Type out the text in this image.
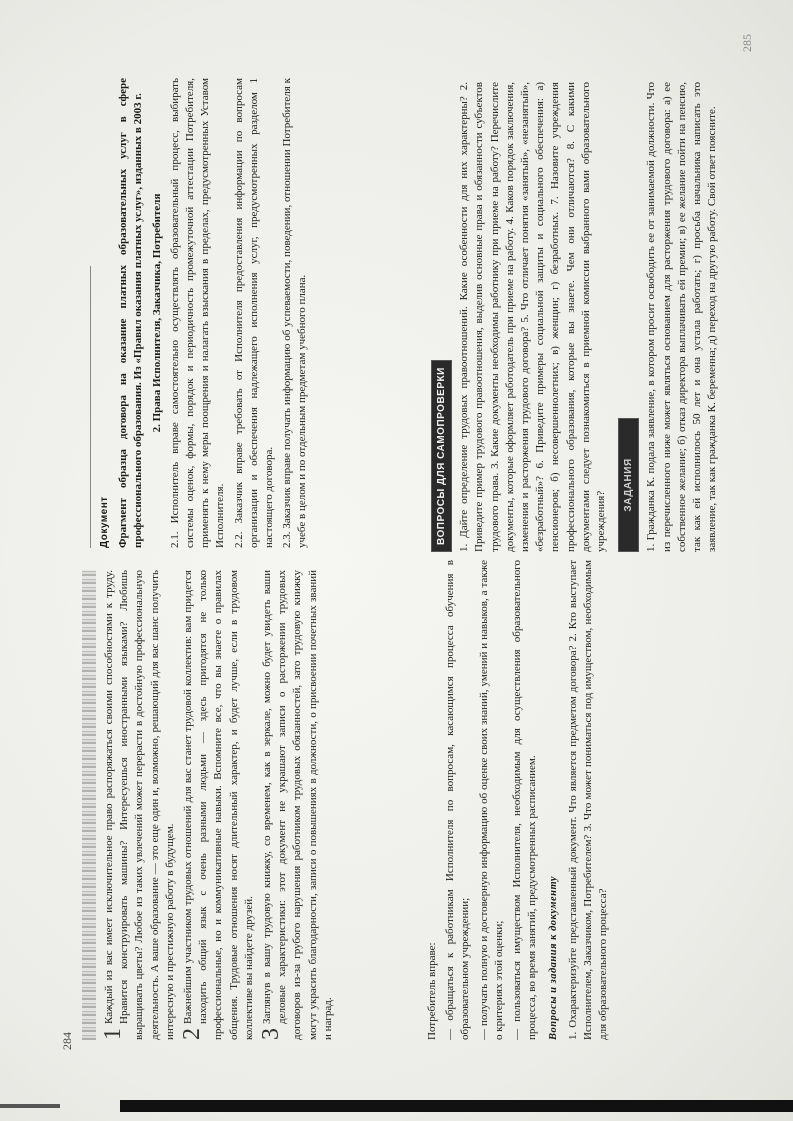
1
Каждый из вас имеет исключительное право распоряжаться своими способностями к труду. Нравится конструировать машины? Интересуешься иностранными языками? Любишь выращивать цветы? Любое из таких увлечений может перерасти в достойную профессиональную деятельность. А ваше образование — это еще один и, возможно, решающий для вас шанс получить интересную и престижную работу в будущем. 2
Важнейшим участником трудовых отношений для вас станет трудовой коллектив: вам придется находить общий язык с очень разными людьми — здесь пригодятся не только профессиональные, но и коммуникативные навыки. Вспомните все, что вы знаете о правилах общения. Трудовые отношения носят длительный характер, и будет лучше, если в трудовом коллективе вы найдете друзей. 3
Заглянув в вашу трудовую книжку, со временем, как в зеркале, можно будет увидеть ваши деловые характеристики: этот документ не украшают записи о расторжении трудовых договоров из-за грубого нарушения работником трудовых обязанностей, зато трудовую книжку могут украсить благодарности, записи о повышениях в должности, о присвоении почетных званий и наград.

Документ Фрагмент образца договора на оказание платных образовательных услуг в сфере профессионального образования. Из «Правил оказания платных услуг», изданных в 2003 г. 2. Права Исполнителя, Заказчика, Потребителя 2.1. Исполнитель вправе самостоятельно осуществлять образовательный процесс, выбирать системы оценок, формы, порядок и периодичность промежуточной аттестации Потребителя, применять к нему меры поощрения и налагать взыскания в пределах, предусмотренных Уставом Исполнителя. 2.2. Заказчик вправе требовать от Исполнителя предоставления информации по вопросам организации и обеспечения надлежащего исполнения услуг, предусмотренных разделом 1 настоящего договора. 2.3. Заказчик вправе получать информацию об успеваемости, поведении, отношении Потребителя к учебе в целом и по отдельным предметам учебного плана.

Потребитель вправе: — обращаться к работникам Исполнителя по вопросам, касающимся процесса обучения в образовательном учреждении; — получать полную и достоверную информацию об оценке своих знаний, умений и навыков, а также о критериях этой оценки; — пользоваться имуществом Исполнителя, необходимым для осуществления образовательного процесса, во время занятий, предусмотренных расписанием. Вопросы и задания к документу 1. Охарактеризуйте представленный документ. Что является предметом договора? 2. Кто выступает Исполнителем, Заказчиком, Потребителем? 3. Что может пониматься под имуществом, необходимым для образовательного процесса?

ВОПРОСЫ ДЛЯ САМОПРОВЕРКИ 1. Дайте определение трудовых правоотношений. Какие особенности для них характерны? 2. Приведите пример трудового правоотношения, выделив основные права и обязанности субъектов трудового права. 3. Какие документы необходимы работнику при приеме на работу? Перечислите документы, которые оформляет работодатель при приеме на работу. 4. Каков порядок заключения, изменения и расторжения трудового договора? 5. Что отличает понятия «занятый», «незанятый», «безработный»? 6. Приведите примеры социальной защиты и социального обеспечения: а) пенсионеров; б) несовершеннолетних; в) женщин; г) безработных. 7. Назовите учреждения профессионального образования, которые вы знаете. Чем они отличаются? 8. С какими документами следует познакомиться в приемной комиссии выбранного вами образовательного учреждения?

ЗАДАНИЯ 1. Гражданка К. подала заявление, в котором просит освободить ее от занимаемой должности. Что из перечисленного ниже может являться основанием для расторжения трудового договора: а) ее собственное желание; б) отказ директора выплачивать ей премии; в) ее желание пойти на пенсию, так как ей исполнилось 50 лет и она устала работать; г) просьба начальника написать это заявление, так как гражданка К. беременна; д) переход на другую работу. Свой ответ поясните.

284
285
